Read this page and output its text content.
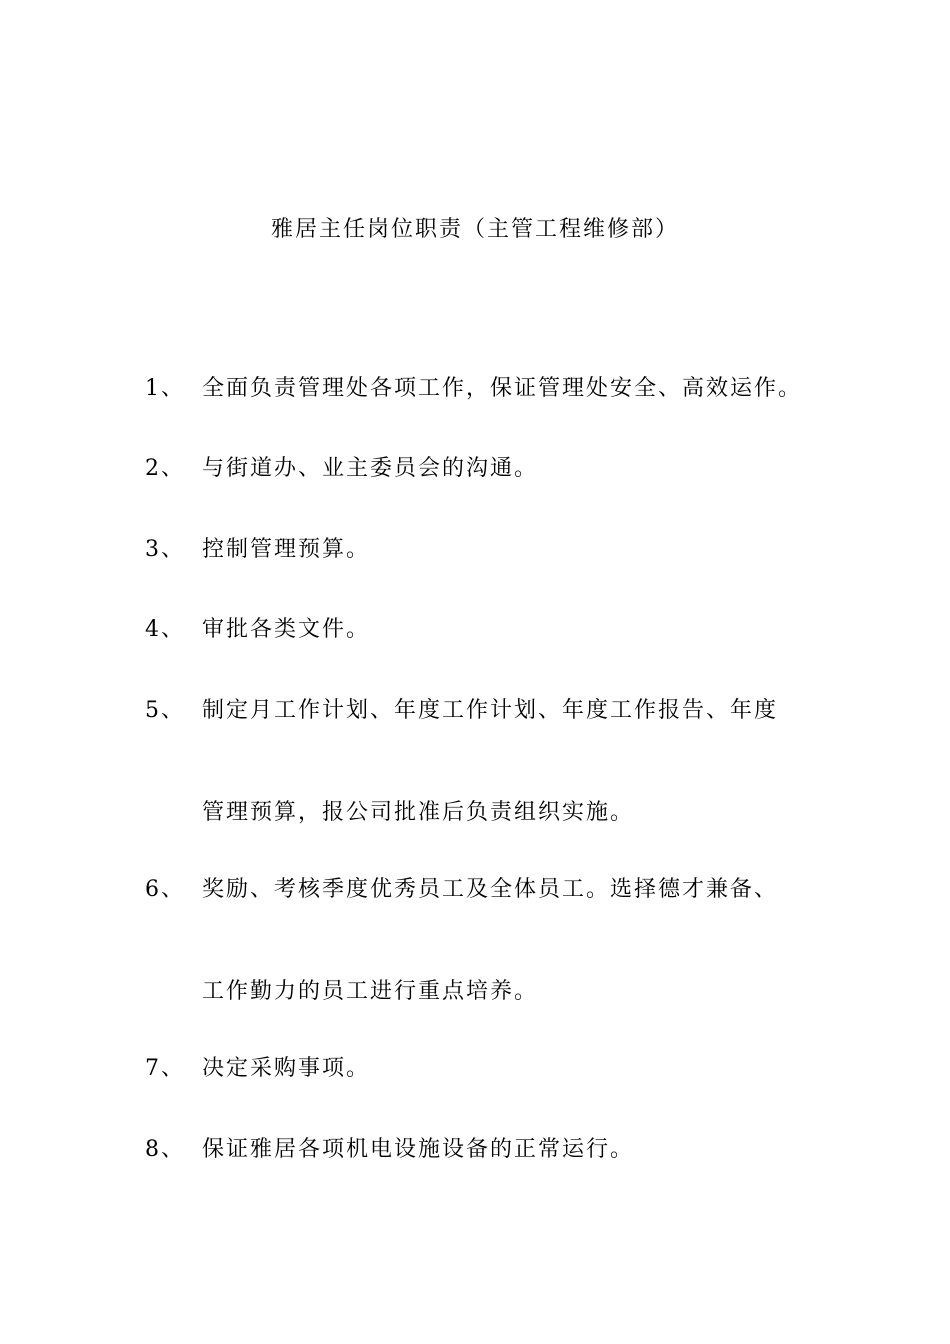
雅居主任岗位职责（主管工程维修部）
1、 全面负责管理处各项工作，保证管理处安全、高效运作。
2、 与街道办、业主委员会的沟通。
3、 控制管理预算。
4、 审批各类文件。
5、 制定月工作计划、年度工作计划、年度工作报告、年度
管理预算，报公司批准后负责组织实施。
6、 奖励、考核季度优秀员工及全体员工。选择德才兼备、
工作勤力的员工进行重点培养。
7、 决定采购事项。
8、 保证雅居各项机电设施设备的正常运行。
